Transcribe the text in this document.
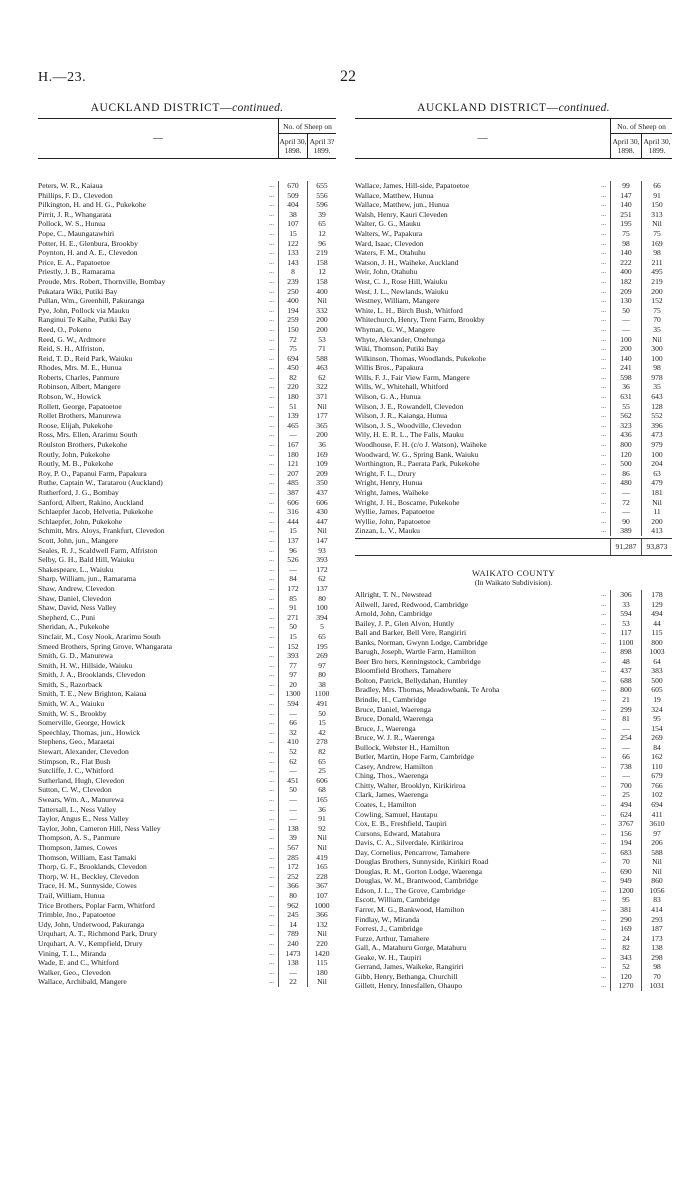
H.—23.	22
AUCKLAND DISTRICT—continued.
—	No. of Sheep on	
	April 30, 1898.	April 3? 1899.
Peters, W. R., Kaiaua	...	670	655
Phillips, F. D., Clevedon	...	509	556
Pilkington, H. and H. G., Pukekohe	...	404	596
Pirrit, J. R., Whangarata	...	38	39
Pollock, W. S., Hunua	...	107	65
Pope, C., Maungatawhiri	...	15	12
Potter, H. E., Glenbura, Brookby	...	122	96
Poynton, H. and A. E., Clevedon	...	133	219
Price, E. A., Papatoetoe	...	143	158
Priestly, J. B., Ramarama	...	8	12
Proude, Mrs. Robert, Thornville, Bombay	...	239	158
Pukatara Wiki, Putiki Bay	...	250	400
Pullan, Wm., Greenhill, Pakuranga	...	400	Nil
Pye, John, Pollock via Mauku	...	194	332
Ranginui Te Kaihe, Putiki Bay	...	259	200
Reed, O., Pokeno	...	150	200
Reed, G. W., Ardmore	...	72	53
Reid, S. H., Alfriston,	...	75	71
Reid, T. D., Reid Park, Waiuku	...	694	588
Rhodes, Mrs. M. E., Hunua	...	450	463
Roberts, Charles, Panmure	...	82	62
Robinson, Albert, Mangere	...	220	322
Robson, W., Howick	...	180	371
Rollett, George, Papatoetoe	...	51	Nil
Rollet Brothers, Manurewa	...	139	177
Roose, Elijah, Pukekohe	...	465	365
Ross, Mrs. Ellen, Ararimu South	...	—	200
Roulston Brothers, Pukekohe	...	167	36
Routly, John, Pukekohe	...	180	169
Routly, M. B., Pukekohe	...	121	109
Roy, P. O., Papanui Farm, Papakura	...	207	209
Ruthe, Captain W., Taratarou (Auckland)	...	485	350
Rutherford, J. G., Bombay	...	387	437
Sanford, Albert, Rakino, Auckland	...	606	606
Schlaepfer Jacob, Helvetia, Pukekohe	...	316	430
Schlaepfer, John, Pukekohe	...	444	447
Schmitt, Mrs. Aloys, Frankfurt, Clevedon	...	15	Nil
Scott, John, jun., Mangere	...	137	147
Seales, R. J., Scaldwell Farm, Alfriston	...	96	93
Selby, G. H., Bald Hill, Waiuku	...	526	393
Shakespeare, L., Waiuku	...	—	172
Sharp, William, jun., Ramarama	...	84	62
Shaw, Andrew, Clevedon	...	172	137
Shaw, Daniel, Clevedon	...	85	80
Shaw, David, Ness Valley	...	91	100
Shepherd, C., Puni	...	271	394
Sheridan, A., Pukekohe	...	50	5
Sinclair, M., Cosy Nook, Ararimu South	...	15	65
Smeed Brothers, Spring Grove, Whangarata	...	152	195
Smith, G. D., Manurewa	...	393	269
Smith, H. W., Hillside, Waiuku	...	77	97
Smith, J. A., Brooklands, Clevedon	...	97	80
Smith, S., Razorback	...	20	38
Smith, T. E., New Brighton, Kaiaua	...	1300	1100
Smith, W. A., Waiuku	...	594	491
Smith, W. S., Brookby	...	—	50
Somerville, George, Howick	...	66	15
Speechlay, Thomas, jun., Howick	...	32	42
Stephens, Geo., Maraetai	...	410	278
Stewart, Alexander, Clevedon	...	52	82
Stimpson, R., Flat Bush	...	62	65
Sutcliffe, J. C., Whitford	...	—	25
Sutherland, Hugh, Clevedon	...	451	606
Sutton, C. W., Clevedon	...	50	68
Swears, Wm. A., Manurewa	...	—	165
Tattersall, L., Ness Valley	...	—	36
Taylor, Angus E., Ness Valley	...	—	91
Taylor, John, Cameron Hill, Ness Valley	...	138	92
Thompson, A. S., Panmure	...	39	Nil
Thompson, James, Cowes	...	567	Nil
Thomson, William, East Tamaki	...	285	419
Thorp, G. F., Brooklands, Clevedon	...	172	165
Thorp, W. H., Beckley, Clevedon	...	252	228
Trace, H. M., Sunnyside, Cowes	...	366	367
Trail, William, Hunua	...	80	107
Trice Brothers, Poplar Farm, Whitford	...	962	1000
Trimble, Jno., Papatoetoe	...	245	366
Udy, John, Underwood, Pakuranga	...	14	132
Urquhart, A. T., Richmond Park, Drury	...	789	Nil
Urquhart, A. V., Kempfield, Drury	...	240	220
Vining, T. L., Miranda	...	1473	1420
Wade, E. and C., Whitford	...	138	115
Walker, Geo., Clevedon	...	—	180
Wallace, Archibald, Mangere	...	22	Nil
AUCKLAND DISTRICT—continued.
—	No. of Sheep on	
	April 30, 1898.	April 30, 1899.
Wallace, James, Hill-side, Papatoetoe	...	99	66
Wallace, Matthew, Hunua	...	147	91
Wallace, Matthew, jun., Hunua	...	140	150
Walsh, Henry, Kauri Cleveden	...	251	313
Walter, G. G., Mauku	...	195	Nil
Walters, W., Papakura	...	75	75
Ward, Isaac, Clevedon	...	98	169
Waters, F. M., Otahuhu	...	140	98
Watson, J. H., Waiheke, Auckland	...	222	211
Weir, John, Otahuhu	...	400	495
West, C. J., Rose Hill, Waiuku	...	182	219
West, J. L., Newlands, Waiuku	...	209	200
Westney, William, Mangere	...	130	152
White, L. H., Birch Bush, Whitford	...	50	75
Whitechurch, Henry, Trent Farm, Brookby	...	—	70
Whyman, G. W., Mangere	...	—	35
Whyte, Alexander, Onehunga	...	100	Nil
Wiki, Thomson, Putiki Bay	...	200	300
Wilkinson, Thomas, Woodlands, Pukekohe	...	140	100
Willis Bros., Papakura	...	241	98
Wills, F. J., Fair View Farm, Mangere	...	598	978
Wills, W., Whitehall, Whitford	...	36	35
Wilson, G. A., Hunua	...	631	643
Wilson, J. E., Rowandell, Clevedon	...	55	128
Wilson, J. R., Kaianga, Hunua	...	562	552
Wilson, J. S., Woodville, Clevedon	...	323	396
Wily, H. E. R. L., The Falls, Mauku	...	436	473
Woodhouse, F. H. (c/o J. Watson), Waiheke	...	800	979
Woodward, W. G., Spring Bank, Waiuku	...	120	100
Worthington, R., Paerata Park, Pukekohe	...	500	204
Wright, F. L., Drury	...	86	63
Wright, Henry, Hunua	...	480	479
Wright, James, Waiheke	...	—	181
Wright, J. H., Boscame, Pukekohe	...	72	Nil
Wyllie, James, Papatoetoe	...	—	11
Wyllie, John, Papatoetoe	...	90	200
Zinzan, L. V., Mauku	...	389	413
91,287	93,873
WAIKATO COUNTY
(In Waikato Subdivision).
Allright, T. N., Newstead	...	306	178
Ailwell, Jared, Redwood, Cambridge	...	33	129
Arnold, John, Cambridge	...	594	494
Bailey, J. P., Glen Alvon, Huntly	...	53	44
Ball and Barker, Bell Vere, Rangiriri	...	117	115
Banks, Norman, Gwynn Lodge, Cambridge	...	1100	800
Barugh, Joseph, Wartle Farm, Hamilton	...	898	1003
Beer Bro hers, Kenningstock, Cambridge	...	48	64
Bloomfield Brothers, Tamahere	...	437	383
Bolton, Patrick, Bellydahan, Huntley	...	688	500
Bradley, Mrs. Thomas, Meadowbank, Te Aroha	...	800	605
Brindle, H., Cambridge	...	21	19
Bruce, Daniel, Waerenga	...	299	324
Bruce, Donald, Waerenga	...	81	95
Bruce, J., Waerenga	...	—	154
Bruce, W. J. R., Waerenga	...	254	269
Bullock, Webster H., Hamilton	...	—	84
Butler, Martin, Hope Farm, Cambridge	...	66	162
Casey, Andrew, Hamilton	...	738	110
Ching, Thos., Waerenga	...	—	679
Chitty, Walter, Brooklyn, Kirikiriroa	...	700	766
Clark, James, Waerenga	...	25	102
Coates, I., Hamilton	...	494	694
Cowling, Samuel, Hautapu	...	624	411
Cox, E. B., Freshfield, Taupiri	...	3767	3610
Cursons, Edward, Matahura	...	156	97
Davis, C. A., Silverdale, Kirikiriroa	...	194	206
Day, Cornelius, Pencarrow, Tamahere	...	683	588
Douglas Brothers, Sunnyside, Kirikiri Road	...	70	Nil
Douglas, R. M., Gorton Lodge, Waerenga	...	690	Nil
Douglas, W. M., Brantwood, Cambridge	...	949	860
Edson, J. L., The Grove, Cambridge	...	1200	1056
Escott, William, Cambridge	...	95	83
Farrer, M. G., Bankwood, Hamilton	...	381	414
Findlay, W., Miranda	...	290	293
Forrest, J., Cambridge	...	169	187
Furze, Arthur, Tamahere	...	24	173
Gall, A., Matahuru Gorge, Matahuru	...	82	138
Geake, W. H., Taupiri	...	343	298
Gerrand, James, Waikeke, Rangiriri	...	52	98
Gibb, Henry, Bethanga, Churchill	...	120	70
Gillett, Henry, Innesfallen, Ohaupo	...	1270	1031
